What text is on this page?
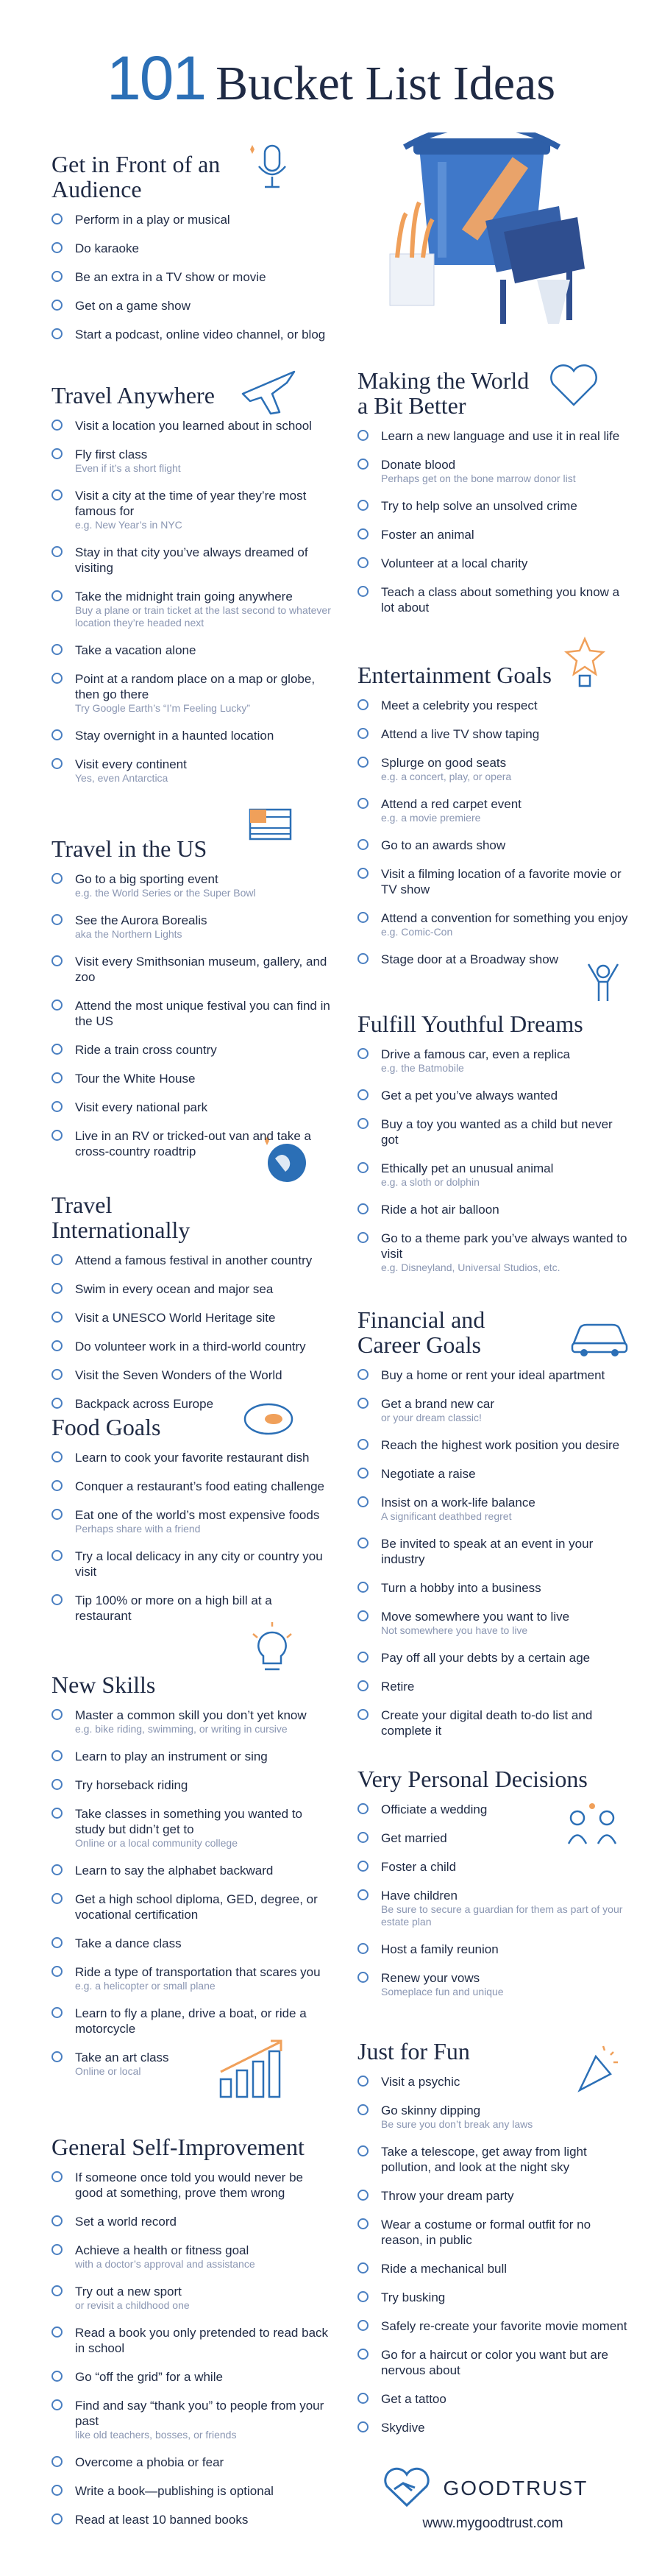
101 Bucket List Ideas
Get in Front of an Audience
Perform in a play or musical
Do karaoke
Be an extra in a TV show or movie
Get on a game show
Start a podcast, online video channel, or blog
Travel Anywhere
Visit a location you learned about in school
Fly first class
Even if it’s a short flight
Visit a city at the time of year they’re most famous for
e.g. New Year’s in NYC
Stay in that city you’ve always dreamed of visiting
Take the midnight train going anywhere
Buy a plane or train ticket at the last second to whatever location they’re headed next
Take a vacation alone
Point at a random place on a map or globe, then go there
Try Google Earth’s “I’m Feeling Lucky”
Stay overnight in a haunted location
Visit every continent
Yes, even Antarctica
Travel in the US
Go to a big sporting event
e.g. the World Series or the Super Bowl
See the Aurora Borealis
aka the Northern Lights
Visit every Smithsonian museum, gallery, and zoo
Attend the most unique festival you can find in the US
Ride a train cross country
Tour the White House
Visit every national park
Live in an RV or tricked-out van and take a cross-country roadtrip
Travel Internationally
Attend a famous festival in another country
Swim in every ocean and major sea
Visit a UNESCO World Heritage site
Do volunteer work in a third-world country
Visit the Seven Wonders of the World
Backpack across Europe
Food Goals
Learn to cook your favorite restaurant dish
Conquer a restaurant’s food eating challenge
Eat one of the world’s most expensive foods
Perhaps share with a friend
Try a local delicacy in any city or country you visit
Tip 100% or more on a high bill at a restaurant
New Skills
Master a common skill you don’t yet know
e.g. bike riding, swimming, or writing in cursive
Learn to play an instrument or sing
Try horseback riding
Take classes in something you wanted to study but didn’t get to
Online or a local community college
Learn to say the alphabet backward
Get a high school diploma, GED, degree, or vocational certification
Take a dance class
Ride a type of transportation that scares you
e.g. a helicopter or small plane
Learn to fly a plane, drive a boat, or ride a motorcycle
Take an art class
Online or local
General Self-Improvement
If someone once told you would never be good at something, prove them wrong
Set a world record
Achieve a health or fitness goal
with a doctor’s approval and assistance
Try out a new sport
or revisit a childhood one
Read a book you only pretended to read back in school
Go “off the grid” for a while
Find and say “thank you” to people from your past
like old teachers, bosses, or friends
Overcome a phobia or fear
Write a book—publishing is optional
Read at least 10 banned books
Making the World a Bit Better
Learn a new language and use it in real life
Donate blood
Perhaps get on the bone marrow donor list
Try to help solve an unsolved crime
Foster an animal
Volunteer at a local charity
Teach a class about something you know a lot about
Entertainment Goals
Meet a celebrity you respect
Attend a live TV show taping
Splurge on good seats
e.g. a concert, play, or opera
Attend a red carpet event
e.g. a movie premiere
Go to an awards show
Visit a filming location of a favorite movie or TV show
Attend a convention for something you enjoy
e.g. Comic-Con
Stage door at a Broadway show
Fulfill Youthful Dreams
Drive a famous car, even a replica
e.g. the Batmobile
Get a pet you’ve always wanted
Buy a toy you wanted as a child but never got
Ethically pet an unusual animal
e.g. a sloth or dolphin
Ride a hot air balloon
Go to a theme park you’ve always wanted to visit
e.g. Disneyland, Universal Studios, etc.
Financial and Career Goals
Buy a home or rent your ideal apartment
Get a brand new car
or your dream classic!
Reach the highest work position you desire
Negotiate a raise
Insist on a work-life balance
A significant deathbed regret
Be invited to speak at an event in your industry
Turn a hobby into a business
Move somewhere you want to live
Not somewhere you have to live
Pay off all your debts by a certain age
Retire
Create your digital death to-do list and complete it
Very Personal Decisions
Officiate a wedding
Get married
Foster a child
Have children
Be sure to secure a guardian for them as part of your estate plan
Host a family reunion
Renew your vows
Someplace fun and unique
Just for Fun
Visit a psychic
Go skinny dipping
Be sure you don’t break any laws
Take a telescope, get away from light pollution, and look at the night sky
Throw your dream party
Wear a costume or formal outfit for no reason, in public
Ride a mechanical bull
Try busking
Safely re-create your favorite movie moment
Go for a haircut or color you want but are nervous about
Get a tattoo
Skydive
GOODTRUST
www.mygoodtrust.com
